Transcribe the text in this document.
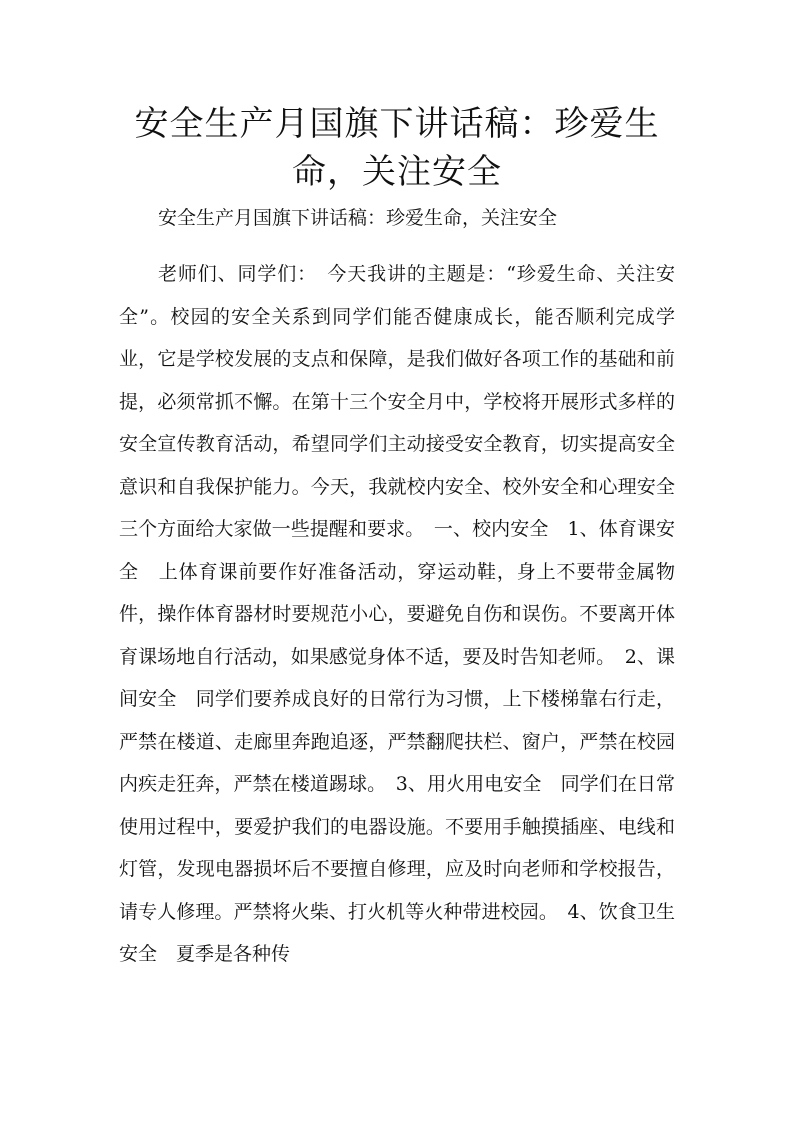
安全生产月国旗下讲话稿：珍爱生命，关注安全

安全生产月国旗下讲话稿：珍爱生命，关注安全

老师们、同学们：　今天我讲的主题是：“珍爱生命、关注安全”。校园的安全关系到同学们能否健康成长，能否顺利完成学业，它是学校发展的支点和保障，是我们做好各项工作的基础和前提，必须常抓不懈。在第十三个安全月中，学校将开展形式多样的安全宣传教育活动，希望同学们主动接受安全教育，切实提高安全意识和自我保护能力。今天，我就校内安全、校外安全和心理安全三个方面给大家做一些提醒和要求。　一、校内安全　1、体育课安全　上体育课前要作好准备活动，穿运动鞋，身上不要带金属物件，操作体育器材时要规范小心，要避免自伤和误伤。不要离开体育课场地自行活动，如果感觉身体不适，要及时告知老师。　2、课间安全　同学们要养成良好的日常行为习惯，上下楼梯靠右行走，严禁在楼道、走廊里奔跑追逐，严禁翻爬扶栏、窗户，严禁在校园内疾走狂奔，严禁在楼道踢球。　3、用火用电安全　同学们在日常使用过程中，要爱护我们的电器设施。不要用手触摸插座、电线和灯管，发现电器损坏后不要擅自修理，应及时向老师和学校报告，请专人修理。严禁将火柴、打火机等火种带进校园。　4、饮食卫生安全　夏季是各种传
